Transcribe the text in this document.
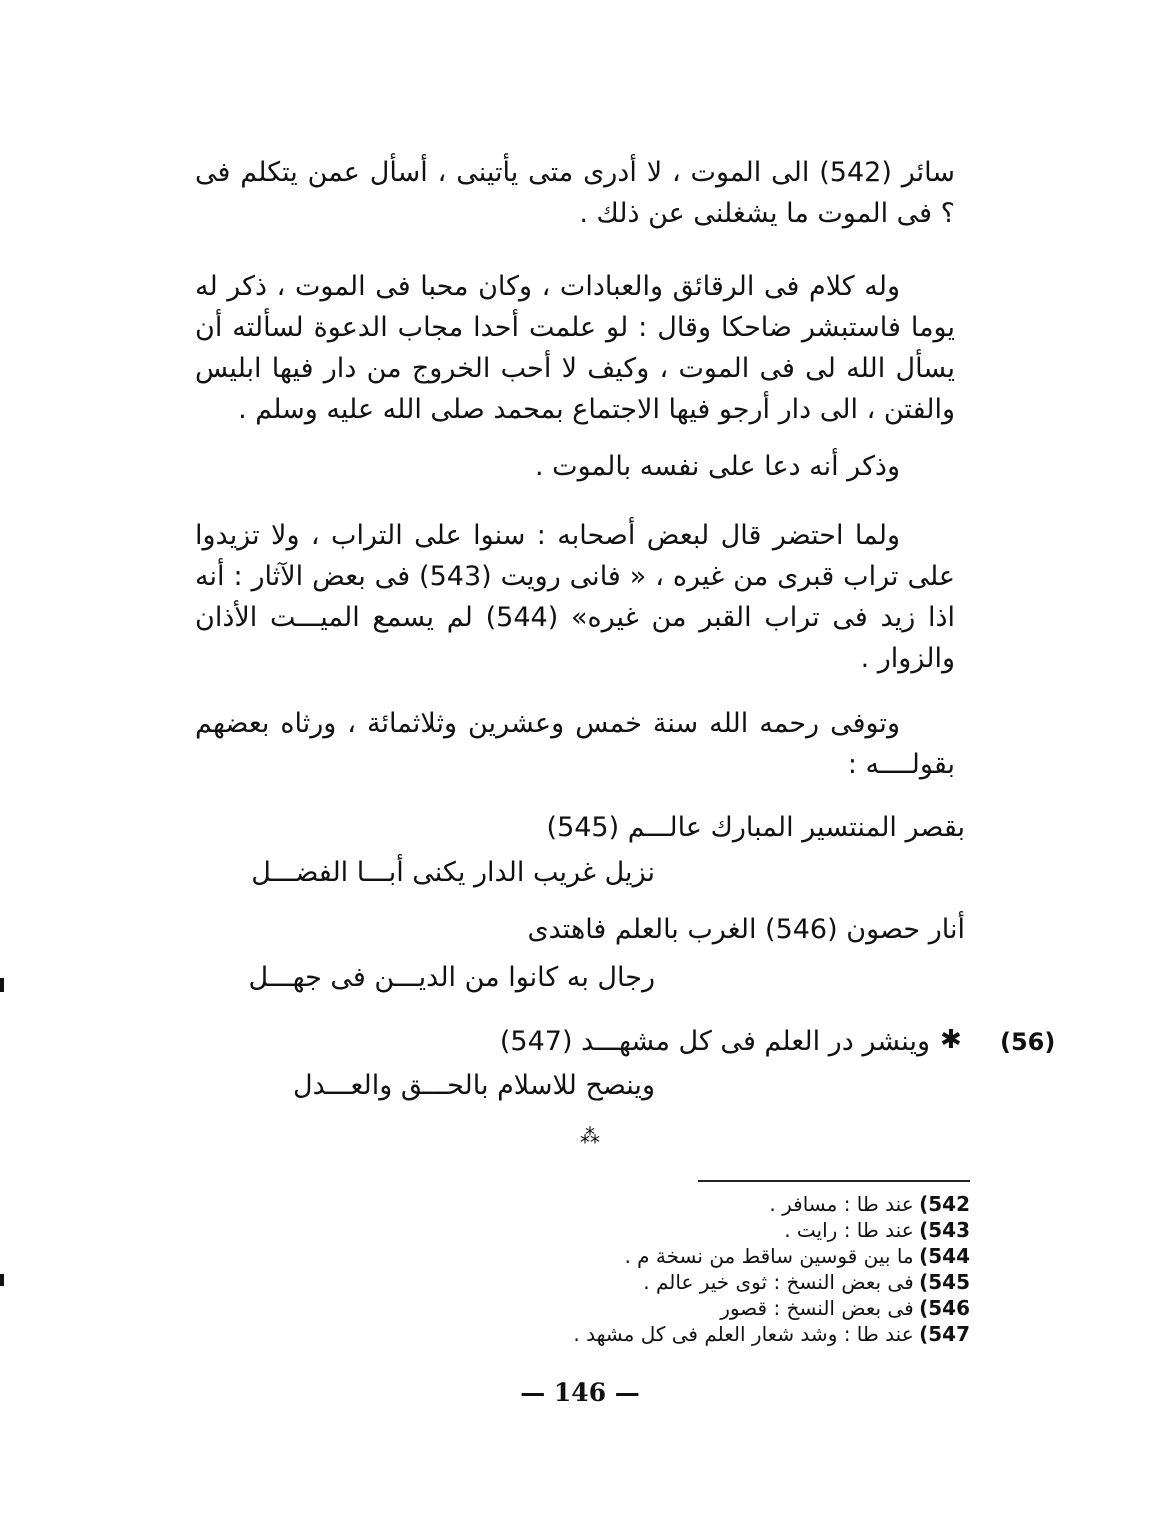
سائر (542) الى الموت ، لا أدرى متى يأتينى ، أسأل عمن يتكلم فى ؟ فى الموت ما يشغلنى عن ذلك .
وله كلام فى الرقائق والعبادات ، وكان محبا فى الموت ، ذكر له يوما فاستبشر ضاحكا وقال : لو علمت أحدا مجاب الدعوة لسألته أن يسأل الله لى فى الموت ، وكيف لا أحب الخروج من دار فيها ابليس والفتن ، الى دار أرجو فيها الاجتماع بمحمد صلى الله عليه وسلم .
وذكر أنه دعا على نفسه بالموت .
ولما احتضر قال لبعض أصحابه : سنوا على التراب ، ولا تزيدوا على تراب قبرى من غيره ، « فانى رويت (543) فى بعض الآثار : أنه اذا زيد فى تراب القبر من غيره» (544) لم يسمع الميـــت الأذان والزوار .
وتوفى رحمه الله سنة خمس وعشرين وثلاثمائة ، ورثاه بعضهم بقولــــه :
بقصر المنتسير المبارك عالـــم (545)
نزيل غريب الدار يكنى أبـــا الفضـــل
أنار حصون (546) الغرب بالعلم فاهتدى
رجال به كانوا من الديـــن فى جهـــل
(56)
✱
وينشر در العلم فى كل مشهـــد (547)
وينصح للاسلام بالحـــق والعـــدل
⁂
542) عند طا : مسافر .
543) عند طا : رايت .
544) ما بين قوسين ساقط من نسخة م .
545) فى بعض النسخ : ثوى خير عالم .
546) فى بعض النسخ : قصور
547) عند طا : وشد شعار العلم فى كل مشهد .
— 146 —
